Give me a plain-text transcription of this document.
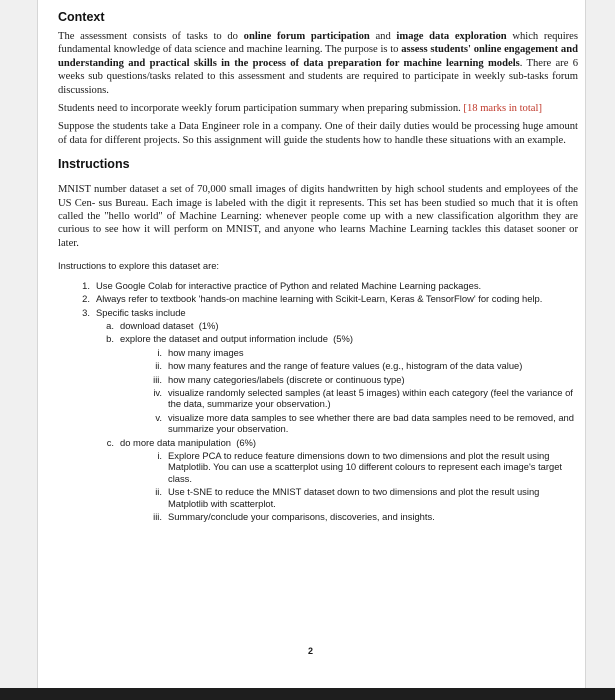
Context

The assessment consists of tasks to do online forum participation and image data exploration which requires fundamental knowledge of data science and machine learning. The purpose is to assess students' online engagement and understanding and practical skills in the process of data preparation for machine learning models. There are 6 weeks sub questions/tasks related to this assessment and students are required to participate in weekly sub-tasks forum discussions.

Students need to incorporate weekly forum participation summary when preparing submission. [18 marks in total]

Suppose the students take a Data Engineer role in a company. One of their daily duties would be processing huge amount of data for different projects. So this assignment will guide the students how to handle these situations with an example.

Instructions

MNIST number dataset a set of 70,000 small images of digits handwritten by high school students and employees of the US Cen- sus Bureau. Each image is labeled with the digit it represents. This set has been studied so much that it is often called the "hello world" of Machine Learning: whenever people come up with a new classification algorithm they are curious to see how it will perform on MNIST, and anyone who learns Machine Learning tackles this dataset sooner or later.

Instructions to explore this dataset are:
1. Use Google Colab for interactive practice of Python and related Machine Learning packages.
2. Always refer to textbook 'hands-on machine learning with Scikit-Learn, Keras & TensorFlow' for coding help.
3. Specific tasks include
a. download dataset  (1%)
b. explore the dataset and output information include  (5%)
i. how many images
ii. how many features and the range of feature values (e.g., histogram of the data value)
iii. how many categories/labels (discrete or continuous type)
iv. visualize randomly selected samples (at least 5 images) within each category (feel the variance of the data, summarize your observation.)
v. visualize more data samples to see whether there are bad data samples need to be removed, and summarize your observation.
c. do more data manipulation  (6%)
i. Explore PCA to reduce feature dimensions down to two dimensions and plot the result using Matplotlib. You can use a scatterplot using 10 different colours to represent each image's target class.
ii. Use t-SNE to reduce the MNIST dataset down to two dimensions and plot the result using Matplotlib with scatterplot.
iii. Summary/conclude your comparisons, discoveries, and insights.
2
